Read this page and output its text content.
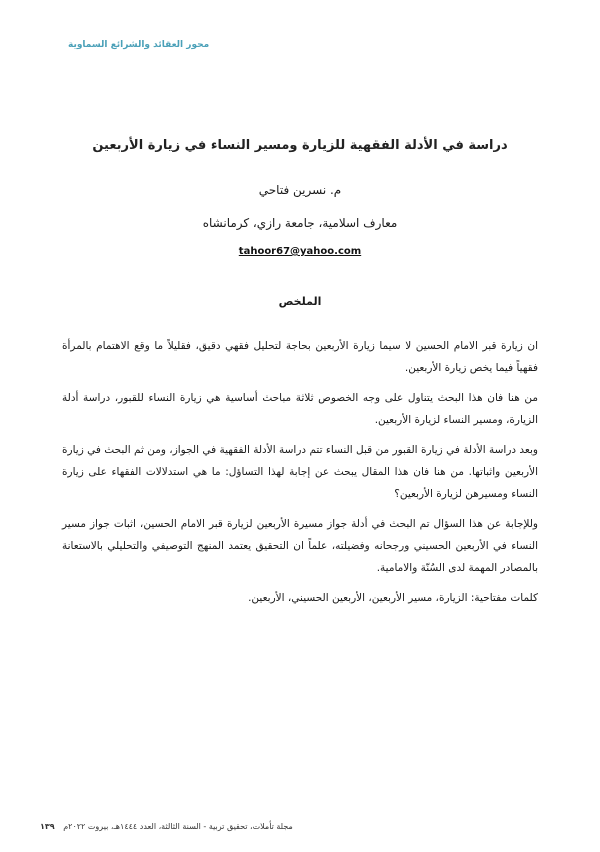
محور العقائد والشرائع السماوية
دراسة في الأدلة الفقهية للزيارة ومسير النساء في زيارة الأربعين
م. نسرين فتاحي
معارف اسلامية، جامعة رازي، كرمانشاه
tahoor67@yahoo.com
الملخص

ان زيارة قبر الامام الحسين لا سيما زيارة الأربعين بحاجة لتحليل فقهي دقيق، فقليلاً ما وقع الاهتمام بالمرأة فقهياً فيما يخص زيارة الأربعين.

من هنا فان هذا البحث يتناول على وجه الخصوص ثلاثة مباحث أساسية هي زيارة النساء للقبور، دراسة أدلة الزيارة، ومسير النساء لزيارة الأربعين.

وبعد دراسة الأدلة في زيارة القبور من قبل النساء تتم دراسة الأدلة الفقهية في الجواز، ومن ثم البحث في زيارة الأربعين واثباتها. من هنا فان هذا المقال يبحث عن إجابة لهذا التساؤل: ما هي استدلالات الفقهاء على زيارة النساء ومسيرهن لزيارة الأربعين؟

وللإجابة عن هذا السؤال تم البحث في أدلة جواز مسيرة الأربعين لزيارة قبر الامام الحسين، اثبات جواز مسير النساء في الأربعين الحسيني ورجحانه وفضيلته، علماً ان التحقيق يعتمد المنهج التوصيفي والتحليلي بالاستعانة بالمصادر المهمة لدى السُنّة والامامية.

كلمات مفتاحية: الزيارة، مسير الأربعين، الأربعين الحسيني، الأربعين.

مجلة تأملات، تحقيق تربية - السنة الثالثة، العدد ١٤٤٤هـ، بيروت ٢٠٢٢م ١٣٩
